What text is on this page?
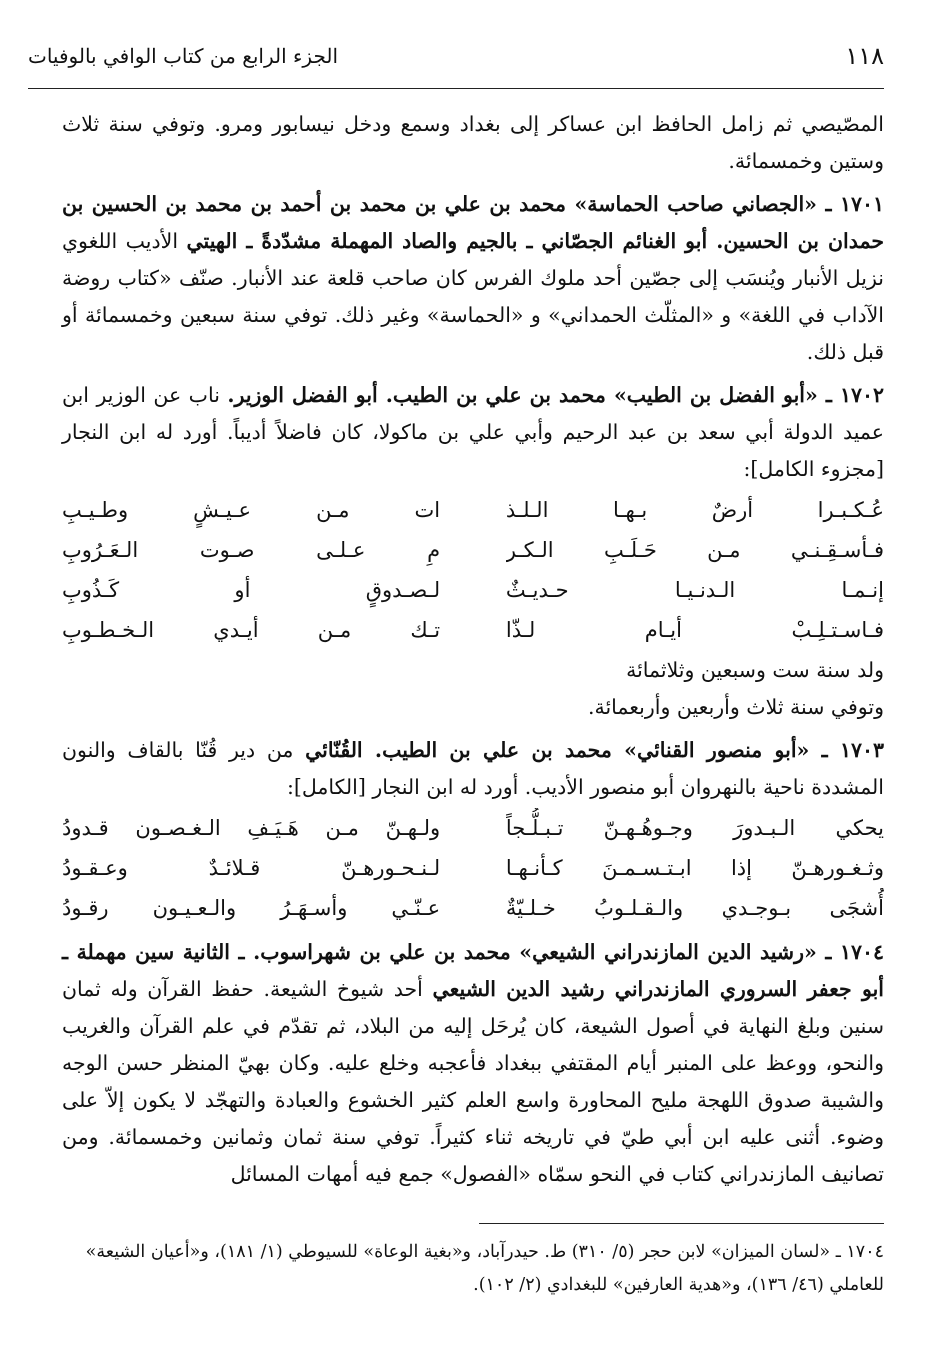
١١٨
الجزء الرابع من كتاب الوافي بالوفيات

المصّيصي ثم زامل الحافظ ابن عساكر إلى بغداد وسمع ودخل نيسابور ومرو. وتوفي سنة ثلاث وستين وخمسمائة.

١٧٠١ ـ «الجصاني صاحب الحماسة» محمد بن علي بن محمد بن أحمد بن محمد بن الحسين بن حمدان بن الحسين. أبو الغنائم الجصّاني ـ بالجيم والصاد المهملة مشدّدةً ـ الهيتي الأديب اللغوي نزيل الأنبار ويُنسَب إلى جصّين أحد ملوك الفرس كان صاحب قلعة عند الأنبار. صنّف «كتاب روضة الآداب في اللغة» و «المثلّث الحمداني» و «الحماسة» وغير ذلك. توفي سنة سبعين وخمسمائة أو قبل ذلك.

١٧٠٢ ـ «أبو الفضل بن الطيب» محمد بن علي بن الطيب. أبو الفضل الوزير. ناب عن الوزير ابن عميد الدولة أبي سعد بن عبد الرحيم وأبي علي بن ماكولا، كان فاضلاً أديباً. أورد له ابن النجار [مجزوء الكامل]:

عُـكـبـرا أرضٌ بـهـا الـلـذ
ات مـن عـيـشٍ وطـيـبِ
فـأسـقِـنـي مـن حَـلَـبِ الـكـر
مِ عـلـى صـوت الـعَـرُوبِ
إنـمـا الـدنـيـا حـديـثٌ
لـصـدوقٍ أو كَـذُوبِ
فـاسـتـلِـبْ أيـام لـذّا
تـك مـن أيـدي الـخـطـوبِ

ولد سنة ست وسبعين وثلاثمائة

وتوفي سنة ثلاث وأربعين وأربعمائة.

١٧٠٣ ـ «أبو منصور القنائي» محمد بن علي بن الطيب. القُنّائي من دير قُنّا بالقاف والنون المشددة ناحية بالنهروان أبو منصور الأديب. أورد له ابن النجار [الكامل]:

يحكي الـبـدورَ وجـوهُـهـنّ تـبـلُّـجاً
ولـهـنّ مـن هَـيَـفِ الـغـصـون قـدودُ
وثـغـورهـنّ إذا ابـتـسـمـنَ كـأنـهـا
لـنـحـورهـنّ قـلائـدٌ وعـقـودُ
أُشجَى بـوجـدي والـقـلـوبُ خـلـيّةٌ
عـنّـي وأسـهَـرُ والـعـيـون رقـودُ

١٧٠٤ ـ «رشيد الدين المازندراني الشيعي» محمد بن علي بن شهراسوب. ـ الثانية سين مهملة ـ أبو جعفر السروري المازندراني رشيد الدين الشيعي أحد شيوخ الشيعة. حفظ القرآن وله ثمان سنين وبلغ النهاية في أصول الشيعة، كان يُرحَل إليه من البلاد، ثم تقدّم في علم القرآن والغريب والنحو، ووعظ على المنبر أيام المقتفي ببغداد فأعجبه وخلع عليه. وكان بهيّ المنظر حسن الوجه والشيبة صدوق اللهجة مليح المحاورة واسع العلم كثير الخشوع والعبادة والتهجّد لا يكون إلاّ على وضوء. أثنى عليه ابن أبي طيّ في تاريخه ثناء كثيراً. توفي سنة ثمان وثمانين وخمسمائة. ومن تصانيف المازندراني كتاب في النحو سمّاه «الفصول» جمع فيه أمهات المسائل

١٧٠٤ ـ «لسان الميزان» لابن حجر (٥/ ٣١٠) ط. حيدرآباد، و«بغية الوعاة» للسيوطي (١/ ١٨١)، و«أعيان الشيعة» للعاملي (٤٦/ ١٣٦)، و«هدية العارفين» للبغدادي (٢/ ١٠٢).
